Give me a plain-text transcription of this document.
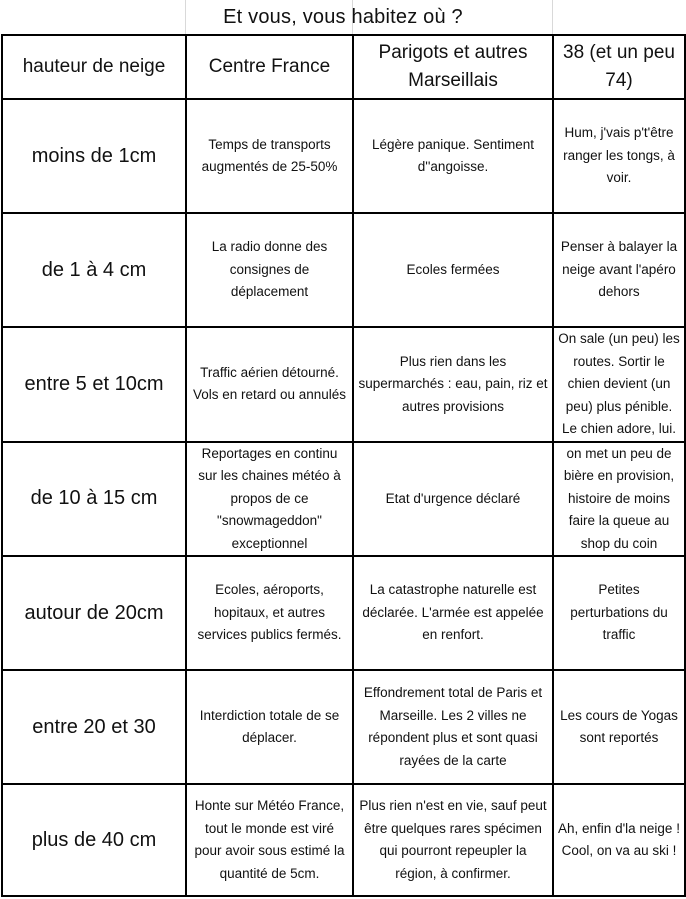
Et vous, vous habitez où ?
hauteur de neige	Centre France	Parigots et autres Marseillais	38 (et un peu 74)
moins de 1cm	Temps de transports augmentés de 25-50%	Légère panique. Sentiment d''angoisse.	Hum, j'vais p't'être ranger les tongs, à voir.
de 1 à 4 cm	La radio donne des consignes de déplacement	Ecoles fermées	Penser à balayer la neige avant l'apéro dehors
entre 5 et 10cm	Traffic aérien détourné. Vols en retard ou annulés	Plus rien dans les supermarchés : eau, pain, riz et autres provisions	On sale (un peu) les routes. Sortir le chien devient (un peu) plus pénible. Le chien adore, lui.
de 10 à 15 cm	Reportages en continu sur les chaines météo à propos de ce "snowmageddon" exceptionnel	Etat d'urgence déclaré	on met un peu de bière en provision, histoire de moins faire la queue au shop du coin
autour de 20cm	Ecoles, aéroports, hopitaux, et autres services publics fermés.	La catastrophe naturelle est déclarée. L'armée est appelée en renfort.	Petites perturbations du traffic
entre 20 et 30	Interdiction totale de se déplacer.	Effondrement total de Paris et Marseille. Les 2 villes ne répondent plus et sont quasi rayées de la carte	Les cours de Yogas sont reportés
plus de 40 cm	Honte sur Météo France, tout le monde est viré pour avoir sous estimé la quantité de 5cm.	Plus rien n'est en vie, sauf peut être quelques rares spécimen qui pourront repeupler la région, à confirmer.	Ah, enfin d'la neige ! Cool, on va au ski !
